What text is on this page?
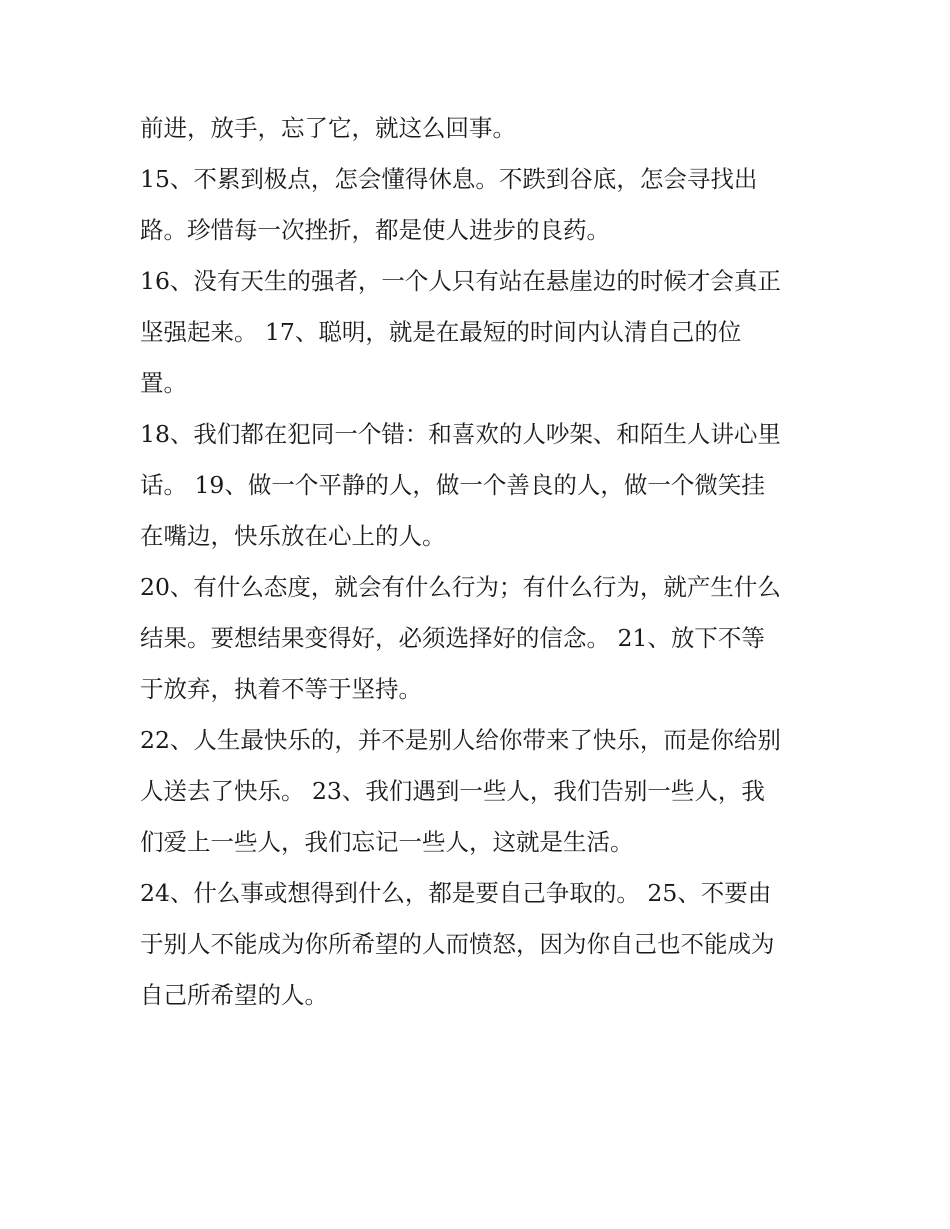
前进，放手，忘了它，就这么回事。
15、不累到极点，怎会懂得休息。不跌到谷底，怎会寻找出
路。珍惜每一次挫折，都是使人进步的良药。
16、没有天生的强者，一个人只有站在悬崖边的时候才会真正
坚强起来。 17、聪明，就是在最短的时间内认清自己的位
置。
18、我们都在犯同一个错：和喜欢的人吵架、和陌生人讲心里
话。 19、做一个平静的人，做一个善良的人，做一个微笑挂
在嘴边，快乐放在心上的人。
20、有什么态度，就会有什么行为；有什么行为，就产生什么
结果。要想结果变得好，必须选择好的信念。 21、放下不等
于放弃，执着不等于坚持。
22、人生最快乐的，并不是别人给你带来了快乐，而是你给别
人送去了快乐。 23、我们遇到一些人，我们告别一些人，我
们爱上一些人，我们忘记一些人，这就是生活。
24、什么事或想得到什么，都是要自己争取的。 25、不要由
于别人不能成为你所希望的人而愤怒，因为你自己也不能成为
自己所希望的人。
